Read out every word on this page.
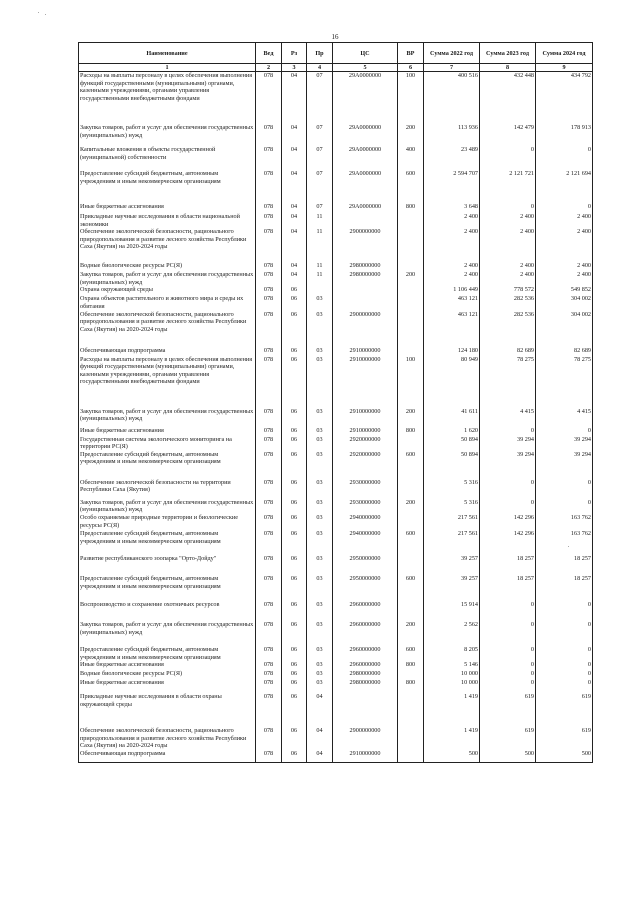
16
Наименование	Вед	Рз	Пр	ЦС	ВР	Сумма 2022 год	Сумма 2023 год	Сумма 2024 год
1	2	3	4	5	6	7	8	9
Расходы на выплаты персоналу в целях обеспечения выполнения функций государственными (муниципальными) органами, казенными учреждениями, органами управления государственными внебюджетными фондами	078	04	07	29А0000000	100	400 516	432 448	434 792
Закупка товаров, работ и услуг для обеспечения государственных (муниципальных) нужд	078	04	07	29А0000000	200	113 936	142 479	178 913
Капитальные вложения в объекты государственной (муниципальной) собственности	078	04	07	29А0000000	400	23 489	0	0
Предоставление субсидий бюджетным, автономным учреждениям и иным некоммерческим организациям	078	04	07	29А0000000	600	2 594 707	2 121 721	2 121 694
Иные бюджетные ассигнования	078	04	07	29А0000000	800	3 648	0	0
Прикладные научные исследования в области национальной экономики	078	04	11			2 400	2 400	2 400
Обеспечение экологической безопасности, рационального природопользования и развитие лесного хозяйства Республики Саха (Якутия) на 2020-2024 годы	078	04	11	2900000000		2 400	2 400	2 400
Водные биологические ресурсы РС(Я)	078	04	11	2980000000		2 400	2 400	2 400
Закупка товаров, работ и услуг для обеспечения государственных (муниципальных) нужд	078	04	11	2980000000	200	2 400	2 400	2 400
Охрана окружающей среды	078	06				1 106 449	778 572	549 852
Охрана объектов растительного и животного мира и среды их обитания	078	06	03			463 121	282 536	304 002
Обеспечение экологической безопасности, рационального природопользования и развитие лесного хозяйства Республики Саха (Якутия) на 2020-2024 годы	078	06	03	2900000000		463 121	282 536	304 002
Обеспечивающая подпрограмма	078	06	03	2910000000		124 180	82 689	82 689
Расходы на выплаты персоналу в целях обеспечения выполнения функций государственными (муниципальными) органами, казенными учреждениями, органами управления государственными внебюджетными фондами	078	06	03	2910000000	100	80 949	78 275	78 275
Закупка товаров, работ и услуг для обеспечения государственных (муниципальных) нужд	078	06	03	2910000000	200	41 611	4 415	4 415
Иные бюджетные ассигнования	078	06	03	2910000000	800	1 620	0	0
Государственная система экологического мониторинга на территории РС(Я)	078	06	03	2920000000		50 894	39 294	39 294
Предоставление субсидий бюджетным, автономным учреждениям и иным некоммерческим организациям	078	06	03	2920000000	600	50 894	39 294	39 294
Обеспечение экологической безопасности на территории Республики Саха (Якутия)	078	06	03	2930000000		5 316	0	0
Закупка товаров, работ и услуг для обеспечения государственных (муниципальных) нужд	078	06	03	2930000000	200	5 316	0	0
Особо охраняемые природные территории и биологические ресурсы РС(Я)	078	06	03	2940000000		217 561	142 296	163 762
Предоставление субсидий бюджетным, автономным учреждениям и иным некоммерческим организациям	078	06	03	2940000000	600	217 561	142 296	163 762
Развитие республиканского зоопарка "Орто-Дойду"	078	06	03	2950000000		39 257	18 257	18 257
Предоставление субсидий бюджетным, автономным учреждениям и иным некоммерческим организациям	078	06	03	2950000000	600	39 257	18 257	18 257
Воспроизводство и сохранение охотничьих ресурсов	078	06	03	2960000000		15 914	0	0
Закупка товаров, работ и услуг для обеспечения государственных (муниципальных) нужд	078	06	03	2960000000	200	2 562	0	0
Предоставление субсидий бюджетным, автономным учреждениям и иным некоммерческим организациям	078	06	03	2960000000	600	8 205	0	0
Иные бюджетные ассигнования	078	06	03	2960000000	800	5 146	0	0
Водные биологические ресурсы РС(Я)	078	06	03	2980000000		10 000	0	0
Иные бюджетные ассигнования	078	06	03	2980000000	800	10 000	0	0
Прикладные научные исследования в области охраны окружающей среды	078	06	04			1 419	619	619
Обеспечение экологической безопасности, рационального природопользования и развитие лесного хозяйства Республики Саха (Якутия) на 2020-2024 годы	078	06	04	2900000000		1 419	619	619
Обеспечивающая подпрограмма	078	06	04	2910000000		500	500	500
